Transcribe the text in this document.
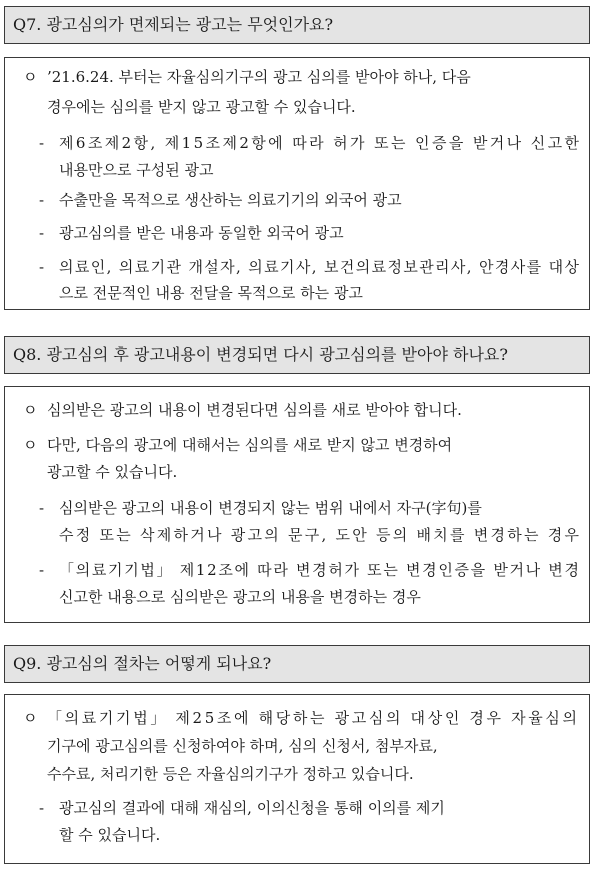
Q7. 광고심의가 면제되는 광고는 무엇인가요?
ㅇ ’21.6.24. 부터는 자율심의기구의 광고 심의를 받아야 하나, 다음
경우에는 심의를 받지 않고 광고할 수 있습니다.
- 제6조제2항, 제15조제2항에 따라 허가 또는 인증을 받거나 신고한
내용만으로 구성된 광고
- 수출만을 목적으로 생산하는 의료기기의 외국어 광고
- 광고심의를 받은 내용과 동일한 외국어 광고
- 의료인, 의료기관 개설자, 의료기사, 보건의료정보관리사, 안경사를 대상
으로 전문적인 내용 전달을 목적으로 하는 광고
Q8. 광고심의 후 광고내용이 변경되면 다시 광고심의를 받아야 하나요?
ㅇ 심의받은 광고의 내용이 변경된다면 심의를 새로 받아야 합니다.
ㅇ 다만, 다음의 광고에 대해서는 심의를 새로 받지 않고 변경하여
광고할 수 있습니다.
- 심의받은 광고의 내용이 변경되지 않는 범위 내에서 자구(字句)를
수정 또는 삭제하거나 광고의 문구, 도안 등의 배치를 변경하는 경우
- 「의료기기법」 제12조에 따라 변경허가 또는 변경인증을 받거나 변경
신고한 내용으로 심의받은 광고의 내용을 변경하는 경우
Q9. 광고심의 절차는 어떻게 되나요?
ㅇ 「의료기기법」 제25조에 해당하는 광고심의 대상인 경우 자율심의
기구에 광고심의를 신청하여야 하며, 심의 신청서, 첨부자료,
수수료, 처리기한 등은 자율심의기구가 정하고 있습니다.
- 광고심의 결과에 대해 재심의, 이의신청을 통해 이의를 제기
할 수 있습니다.
